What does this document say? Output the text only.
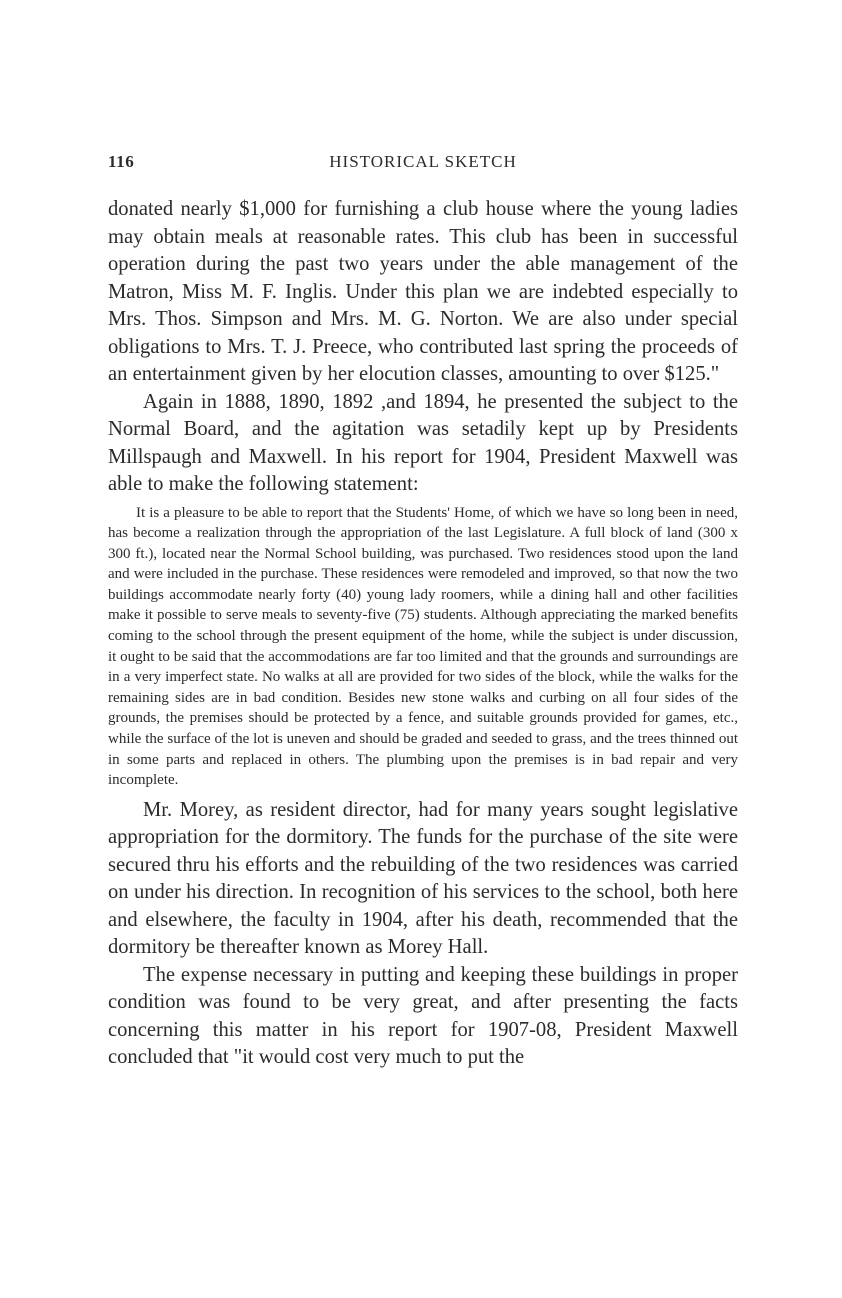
116	HISTORICAL SKETCH

donated nearly $1,000 for furnishing a club house where the young ladies may obtain meals at reasonable rates. This club has been in successful operation during the past two years under the able management of the Matron, Miss M. F. Inglis. Under this plan we are indebted especially to Mrs. Thos. Simpson and Mrs. M. G. Norton. We are also under special obligations to Mrs. T. J. Preece, who contributed last spring the proceeds of an entertainment given by her elocution classes, amounting to over $125."

Again in 1888, 1890, 1892 ,and 1894, he presented the subject to the Normal Board, and the agitation was setadily kept up by Presidents Millspaugh and Maxwell. In his report for 1904, President Maxwell was able to make the following statement:

It is a pleasure to be able to report that the Students' Home, of which we have so long been in need, has become a realization through the appropriation of the last Legislature. A full block of land (300 x 300 ft.), located near the Normal School building, was purchased. Two residences stood upon the land and were included in the purchase. These residences were remodeled and improved, so that now the two buildings accommodate nearly forty (40) young lady roomers, while a dining hall and other facilities make it possible to serve meals to seventy-five (75) students. Although appreciating the marked benefits coming to the school through the present equipment of the home, while the subject is under discussion, it ought to be said that the accommodations are far too limited and that the grounds and surroundings are in a very imperfect state. No walks at all are provided for two sides of the block, while the walks for the remaining sides are in bad condition. Besides new stone walks and curbing on all four sides of the grounds, the premises should be protected by a fence, and suitable grounds provided for games, etc., while the surface of the lot is uneven and should be graded and seeded to grass, and the trees thinned out in some parts and replaced in others. The plumbing upon the premises is in bad repair and very incomplete.

Mr. Morey, as resident director, had for many years sought legislative appropriation for the dormitory. The funds for the purchase of the site were secured thru his efforts and the rebuilding of the two residences was carried on under his direction. In recognition of his services to the school, both here and elsewhere, the faculty in 1904, after his death, recommended that the dormitory be thereafter known as Morey Hall.

The expense necessary in putting and keeping these buildings in proper condition was found to be very great, and after presenting the facts concerning this matter in his report for 1907-08, President Maxwell concluded that "it would cost very much to put the
